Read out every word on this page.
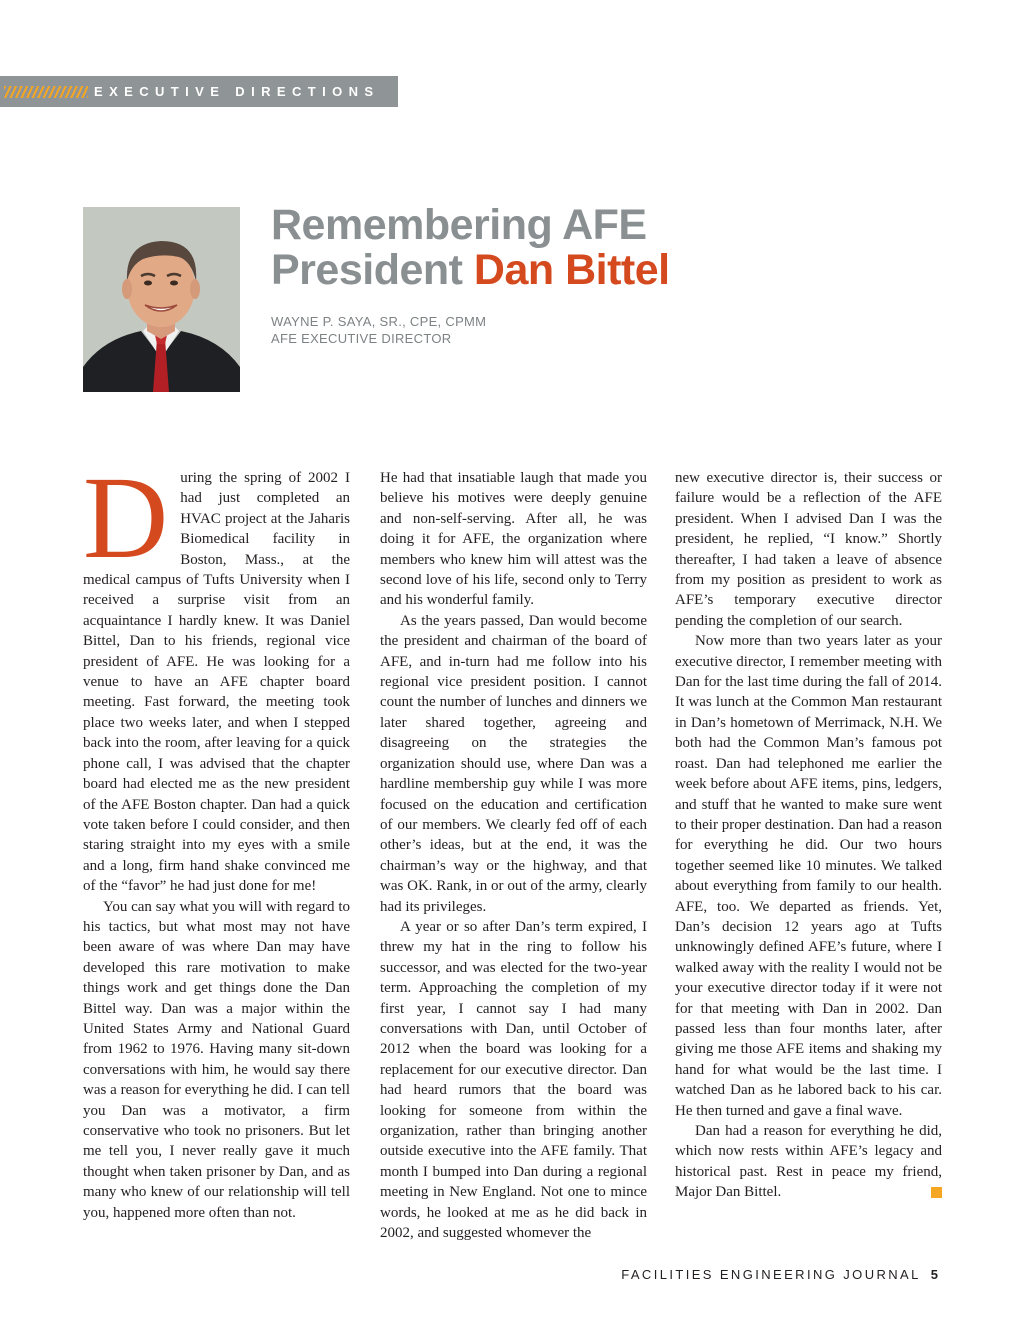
EXECUTIVE DIRECTIONS
Remembering AFE
President Dan Bittel
WAYNE P. SAYA, SR., CPE, CPMM
AFE EXECUTIVE DIRECTOR

During the spring of 2002 I had just completed an HVAC project at the Jaharis Biomedical facility in Boston, Mass., at the medical campus of Tufts University when I received a surprise visit from an acquaintance I hardly knew. It was Daniel Bittel, Dan to his friends, regional vice president of AFE. He was looking for a venue to have an AFE chapter board meeting. Fast forward, the meeting took place two weeks later, and when I stepped back into the room, after leaving for a quick phone call, I was advised that the chapter board had elected me as the new president of the AFE Boston chapter. Dan had a quick vote taken before I could consider, and then staring straight into my eyes with a smile and a long, firm hand shake convinced me of the “favor” he had just done for me!

You can say what you will with regard to his tactics, but what most may not have been aware of was where Dan may have developed this rare motivation to make things work and get things done the Dan Bittel way. Dan was a major within the United States Army and National Guard from 1962 to 1976. Having many sit-down conversations with him, he would say there was a reason for everything he did. I can tell you Dan was a motivator, a firm conservative who took no prisoners. But let me tell you, I never really gave it much thought when taken prisoner by Dan, and as many who knew of our relationship will tell you, happened more often than not.

He had that insatiable laugh that made you believe his motives were deeply genuine and non-self-serving. After all, he was doing it for AFE, the organization where members who knew him will attest was the second love of his life, second only to Terry and his wonderful family.

As the years passed, Dan would become the president and chairman of the board of AFE, and in-turn had me follow into his regional vice president position. I cannot count the number of lunches and dinners we later shared together, agreeing and disagreeing on the strategies the organization should use, where Dan was a hardline membership guy while I was more focused on the education and certification of our members. We clearly fed off of each other’s ideas, but at the end, it was the chairman’s way or the highway, and that was OK. Rank, in or out of the army, clearly had its privileges.

A year or so after Dan’s term expired, I threw my hat in the ring to follow his successor, and was elected for the two-year term. Approaching the completion of my first year, I cannot say I had many conversations with Dan, until October of 2012 when the board was looking for a replacement for our executive director. Dan had heard rumors that the board was looking for someone from within the organization, rather than bringing another outside executive into the AFE family. That month I bumped into Dan during a regional meeting in New England. Not one to mince words, he looked at me as he did back in 2002, and suggested whomever the

new executive director is, their success or failure would be a reflection of the AFE president. When I advised Dan I was the president, he replied, “I know.” Shortly thereafter, I had taken a leave of absence from my position as president to work as AFE’s temporary executive director pending the completion of our search.

Now more than two years later as your executive director, I remember meeting with Dan for the last time during the fall of 2014. It was lunch at the Common Man restaurant in Dan’s hometown of Merrimack, N.H. We both had the Common Man’s famous pot roast. Dan had telephoned me earlier the week before about AFE items, pins, ledgers, and stuff that he wanted to make sure went to their proper destination. Dan had a reason for everything he did. Our two hours together seemed like 10 minutes. We talked about everything from family to our health. AFE, too. We departed as friends. Yet, Dan’s decision 12 years ago at Tufts unknowingly defined AFE’s future, where I walked away with the reality I would not be your executive director today if it were not for that meeting with Dan in 2002. Dan passed less than four months later, after giving me those AFE items and shaking my hand for what would be the last time. I watched Dan as he labored back to his car. He then turned and gave a final wave.

Dan had a reason for everything he did, which now rests within AFE’s legacy and historical past. Rest in peace my friend, Major Dan Bittel.

FACILITIES ENGINEERING JOURNAL 5
